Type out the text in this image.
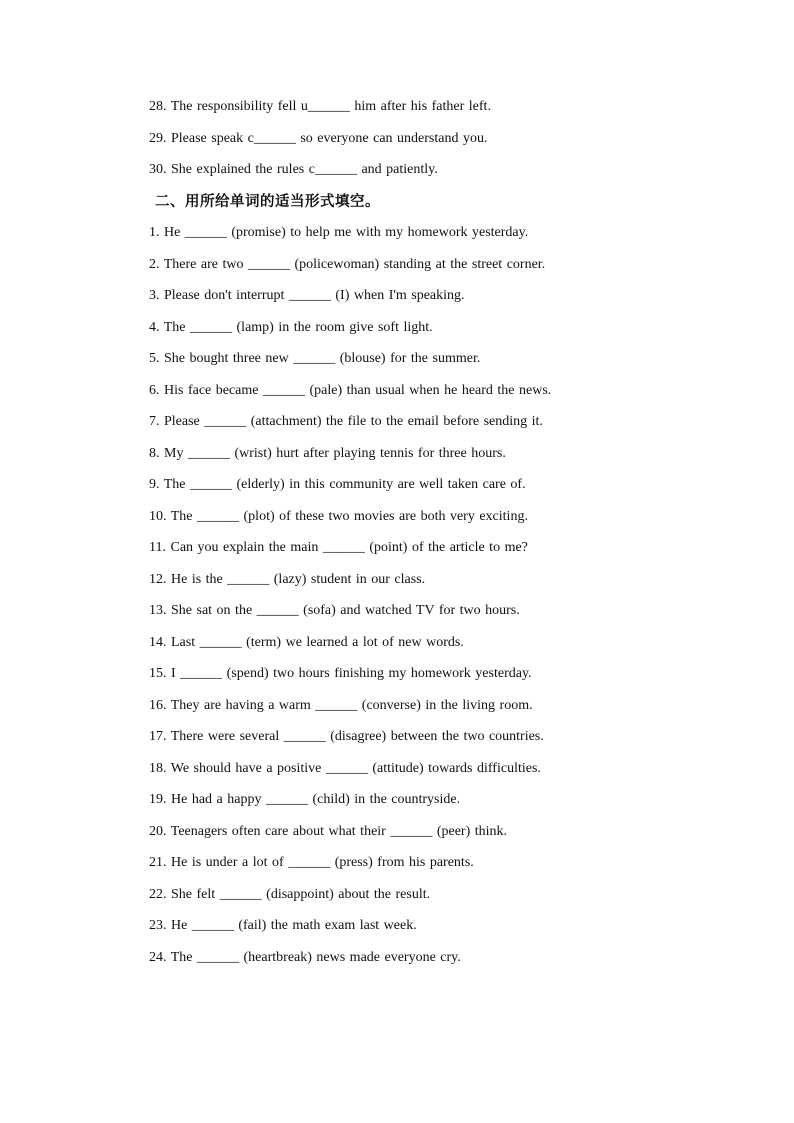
28. The responsibility fell u______ him after his father left.
29. Please speak c______ so everyone can understand you.
30. She explained the rules c______ and patiently.
二、用所给单词的适当形式填空。
1. He ______ (promise) to help me with my homework yesterday.
2. There are two ______ (policewoman) standing at the street corner.
3. Please don't interrupt ______ (I) when I'm speaking.
4. The ______ (lamp) in the room give soft light.
5. She bought three new ______ (blouse) for the summer.
6. His face became ______ (pale) than usual when he heard the news.
7. Please ______ (attachment) the file to the email before sending it.
8. My ______ (wrist) hurt after playing tennis for three hours.
9. The ______ (elderly) in this community are well taken care of.
10. The ______ (plot) of these two movies are both very exciting.
11. Can you explain the main ______ (point) of the article to me?
12. He is the ______ (lazy) student in our class.
13. She sat on the ______ (sofa) and watched TV for two hours.
14. Last ______ (term) we learned a lot of new words.
15. I ______ (spend) two hours finishing my homework yesterday.
16. They are having a warm ______ (converse) in the living room.
17. There were several ______ (disagree) between the two countries.
18. We should have a positive ______ (attitude) towards difficulties.
19. He had a happy ______ (child) in the countryside.
20. Teenagers often care about what their ______ (peer) think.
21. He is under a lot of ______ (press) from his parents.
22. She felt ______ (disappoint) about the result.
23. He ______ (fail) the math exam last week.
24. The ______ (heartbreak) news made everyone cry.
